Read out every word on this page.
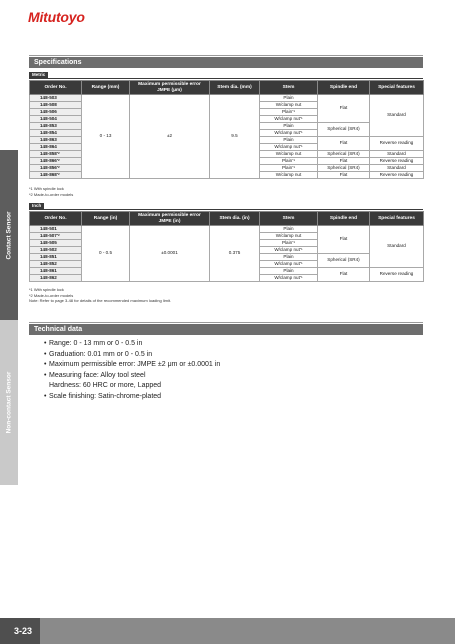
Mitutoyo
Contact Sensor
Non-contact Sensor
Specifications
Metric
Order No.	Range (mm)	Maximum permissible error
JMPE (μm)	Stem dia. (mm)	Stem	Spindle end	Special features
148-503	0 - 13	±2	9.5	Plain	Flat	Standard
148-508				W/clamp nut		
148-506				Plain$^{*1}$
148-504				W/clamp nut$^{*1}$
148-853				Plain	Spherical (SR4)	
148-854				W/clamp nut$^{*1}$
148-863				Plain	Flat	Reverse reading
148-864				W/clamp nut$^{*1}$
148-858$^{*2}$				W/clamp nut	Spherical (SR4)	Standard
148-866$^{*2}$				Plain$^{*1}$	Flat	Reverse reading
148-856$^{*2}$				Plain$^{*1}$	Spherical (SR4)	Standard
148-868$^{*2}$				W/clamp nut	Flat	Reverse reading
*1 With spindle lock
*2 Made-to-order models
Inch
Order No.	Range (in)	Maximum permissible error
JMPE (in)	Stem dia. (in)	Stem	Spindle end	Special features
148-501	0 - 0.5	±0.0001	0.375	Plain	Flat	Standard
148-507$^{*2}$				W/clamp nut		
148-505				Plain$^{*1}$
148-502				W/clamp nut$^{*1}$
148-851				Plain	Spherical (SR4)	
148-852				W/clamp nut$^{*1}$
148-861				Plain	Flat	Reverse reading
148-862				W/clamp nut$^{*1}$
*1 With spindle lock
*2 Made-to-order models
Note: Refer to page 3-48 for details of the recommended maximum loading limit.
Technical data
• Range: 0 - 13 mm or 0 - 0.5 in
• Graduation: 0.01 mm or 0 - 0.5 in
• Maximum permissible error: JMPE ±2 μm or ±0.0001 in
• Measuring face: Alloy tool steel
Hardness: 60 HRC or more, Lapped
• Scale finishing: Satin-chrome-plated
3-23
